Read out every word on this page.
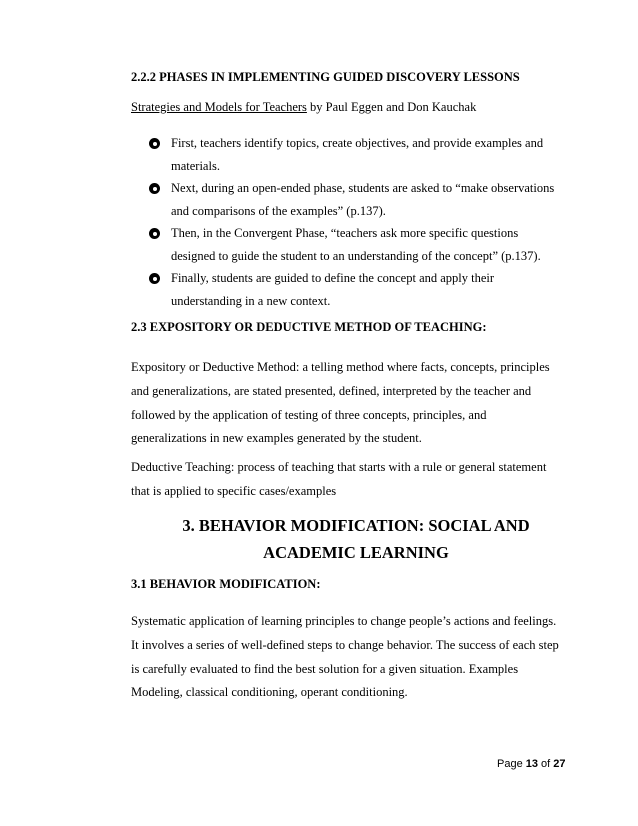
2.2.2 PHASES IN IMPLEMENTING GUIDED DISCOVERY LESSONS
Strategies and Models for Teachers by Paul Eggen and Don Kauchak
First, teachers identify topics, create objectives, and provide examples and materials.
Next, during an open-ended phase, students are asked to “make observations and comparisons of the examples” (p.137).
Then, in the Convergent Phase, “teachers ask more specific questions designed to guide the student to an understanding of the concept” (p.137).
Finally, students are guided to define the concept and apply their understanding in a new context.
2.3 EXPOSITORY OR DEDUCTIVE METHOD OF TEACHING:

Expository or Deductive Method: a telling method where facts, concepts, principles and generalizations, are stated presented, defined, interpreted by the teacher and followed by the application of testing of three concepts, principles, and generalizations in new examples generated by the student.

Deductive Teaching: process of teaching that starts with a rule or general statement that is applied to specific cases/examples

3. BEHAVIOR MODIFICATION: SOCIAL AND ACADEMIC LEARNING
3.1 BEHAVIOR MODIFICATION:

Systematic application of learning principles to change people’s actions and feelings. It involves a series of well-defined steps to change behavior. The success of each step is carefully evaluated to find the best solution for a given situation. Examples Modeling, classical conditioning, operant conditioning.

Page 13 of 27
